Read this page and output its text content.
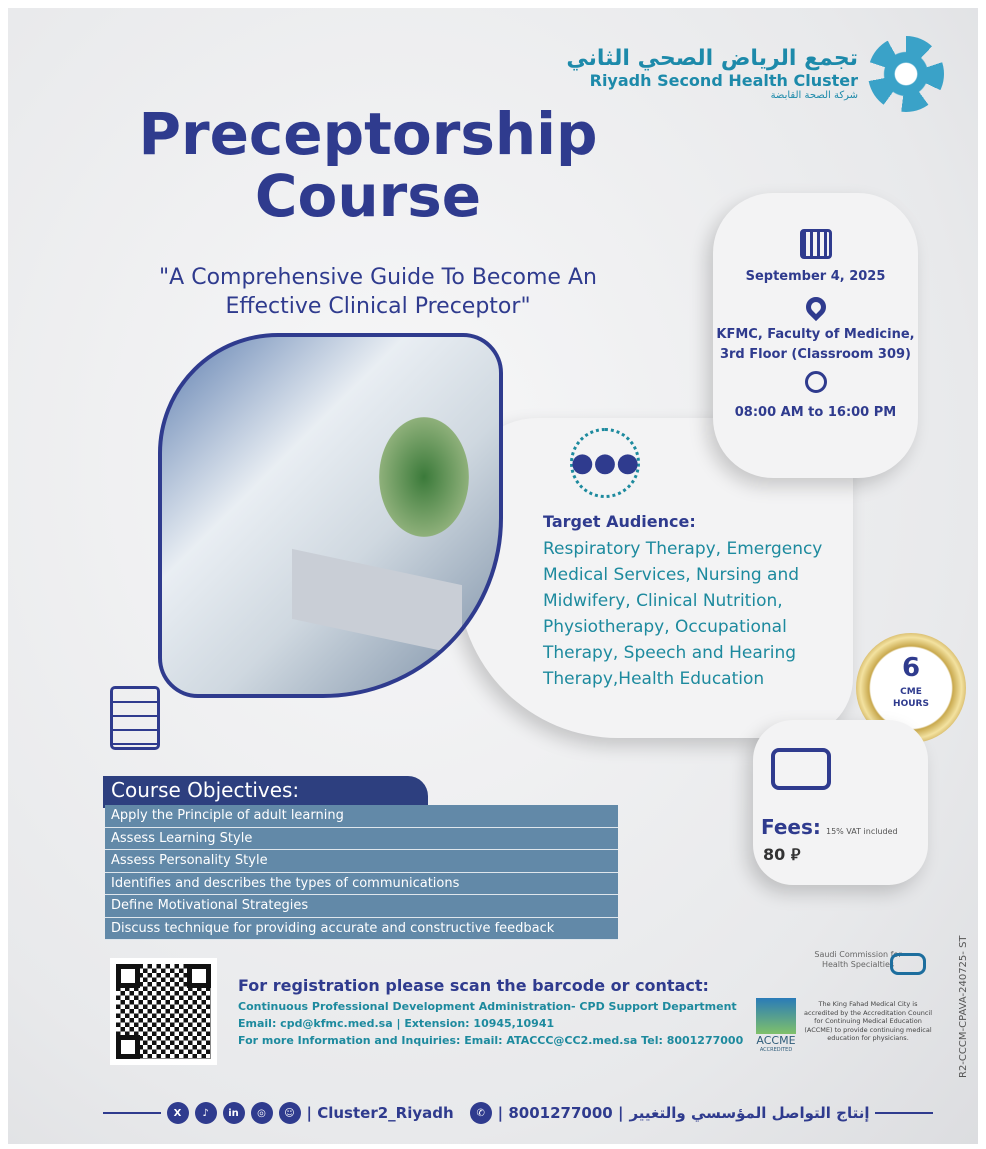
تجمع الرياض الصحي الثاني
Riyadh Second Health Cluster
شركة الصحة القابضة
Preceptorship Course
"A Comprehensive Guide To Become An Effective Clinical Preceptor"
September 4, 2025
KFMC, Faculty of Medicine,
3rd Floor (Classroom 309)
08:00 AM to 16:00 PM
●●●
Target Audience:
Respiratory Therapy, Emergency Medical Services, Nursing and Midwifery, Clinical Nutrition, Physiotherapy, Occupational Therapy, Speech and Hearing Therapy,Health Education	6
CME
HOURS
Fees: 15% VAT included
80 ⃁
Course Objectives:
Apply the Principle of adult learning
Assess Learning Style
Assess Personality Style
Identifies and describes the types of communications
Define Motivational Strategies
Discuss technique for providing accurate and constructive feedback
For registration please scan the barcode or contact:
Continuous Professional Development Administration- CPD Support Department
Email: cpd@kfmc.med.sa | Extension: 10945,10941
For more Information and Inquiries: Email: ATACCC@CC2.med.sa Tel: 8001277000
Saudi Commission for Health Specialties
ACCME
ACCREDITED
The King Fahad Medical City is accredited by the Accreditation Council for Continuing Medical Education (ACCME) to provide continuing medical education for physicians.	R2-CCCM-CPAVA-240725- ST
X	♪	in	◎	☺ | Cluster2_Riyadh	✆ | 8001277000 | إنتاج التواصل المؤسسي والتغيير
